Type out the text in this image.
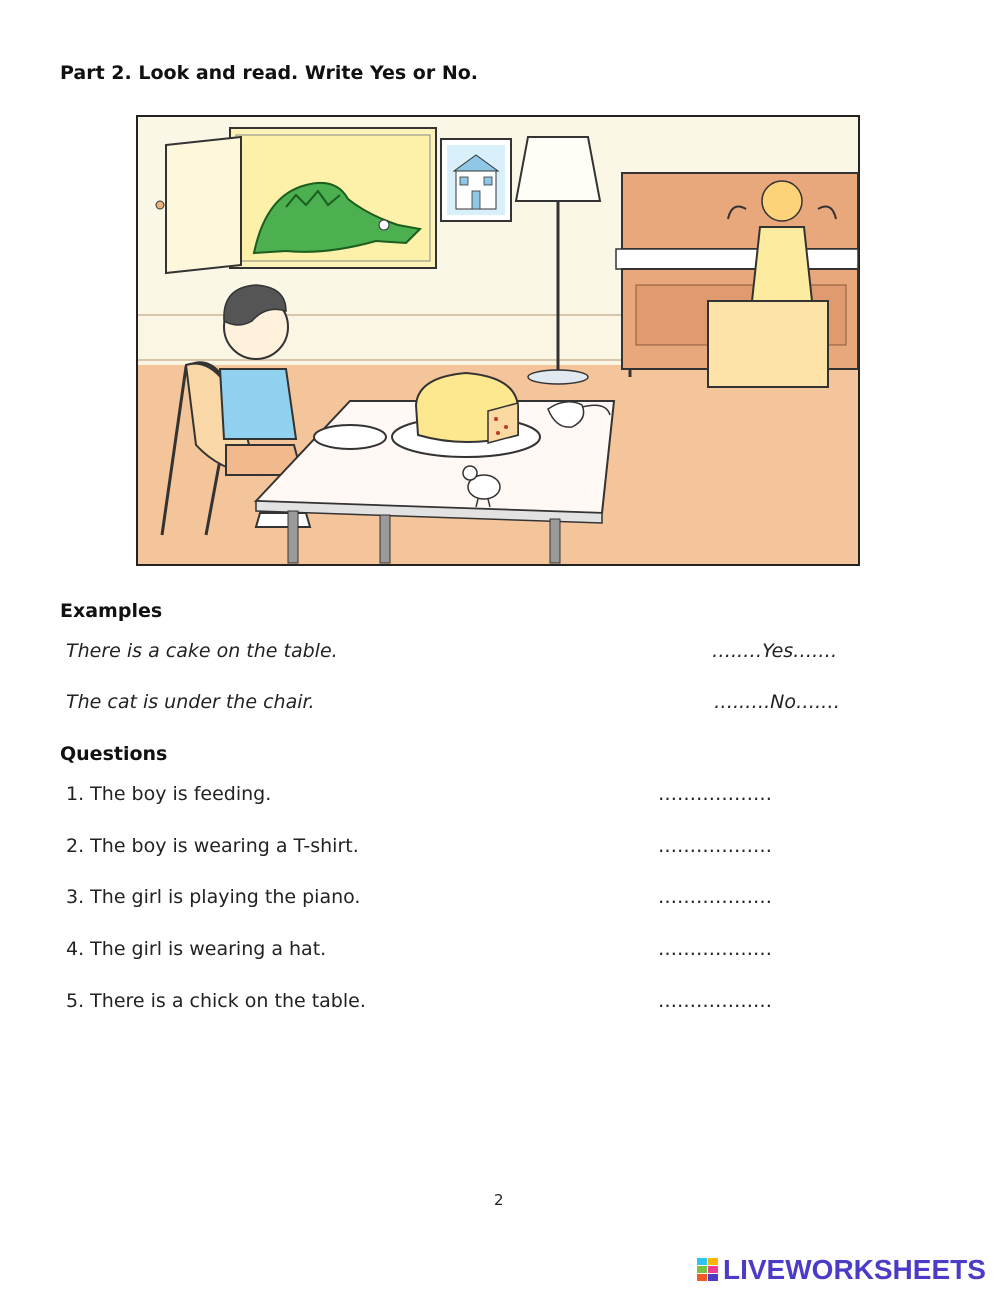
Part 2. Look and read. Write Yes or No.
Examples
There is a cake on the table.	…..…Yes….…
The cat is under the chair.	…..….No….…
Questions
1. The boy is feeding.	………………
2. The boy is wearing a T-shirt.	………………
3. The girl is playing the piano.	………………
4. The girl is wearing a hat.	………………
5. There is a chick on the table.	………………
2
LIVEWORKSHEETS
